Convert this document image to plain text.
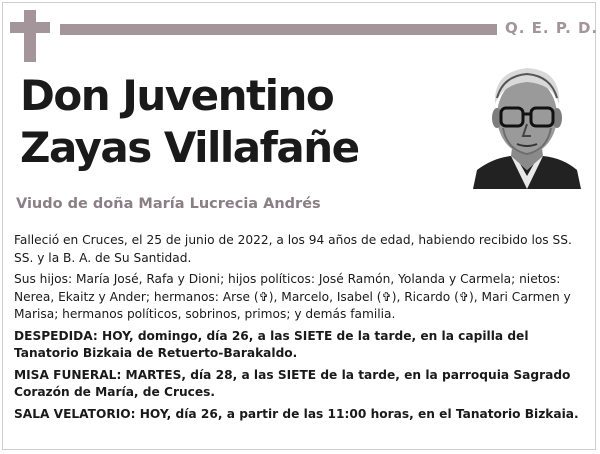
Q. E. P. D.
Don Juventino
Zayas Villafañe
Viudo de doña María Lucrecia Andrés

Falleció en Cruces, el 25 de junio de 2022, a los 94 años de edad, habiendo recibido los SS. SS. y la B. A. de Su Santidad.

Sus hijos: María José, Rafa y Dioni; hijos políticos: José Ramón, Yolanda y Carmela; nietos: Nerea, Ekaitz y Ander; hermanos: Arse (✞), Marcelo, Isabel (✞), Ricardo (✞), Mari Carmen y Marisa; hermanos políticos, sobrinos, primos; y demás familia.

DESPEDIDA: HOY, domingo, día 26, a las SIETE de la tarde, en la capilla del Tanatorio Bizkaia de Retuerto-Barakaldo.

MISA FUNERAL: MARTES, día 28, a las SIETE de la tarde, en la parroquia Sagrado Corazón de María, de Cruces.

SALA VELATORIO: HOY, día 26, a partir de las 11:00 horas, en el Tanatorio Bizkaia.
